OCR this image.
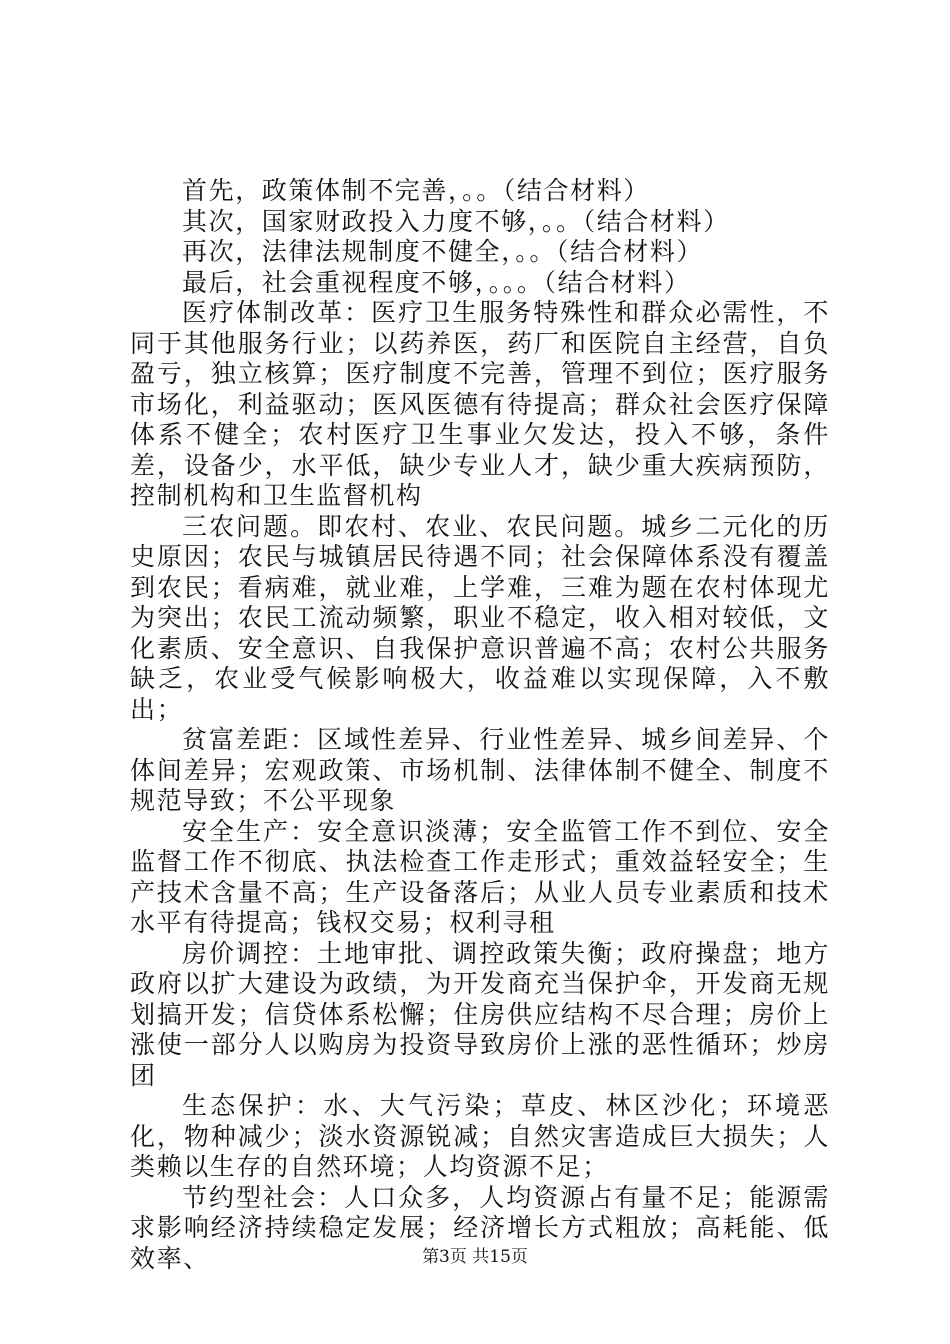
首先，政策体制不完善，。。（结合材料）

其次，国家财政投入力度不够，。。（结合材料）

再次，法律法规制度不健全，。。（结合材料）

最后，社会重视程度不够，。。。（结合材料）

医疗体制改革：医疗卫生服务特殊性和群众必需性，不同于其他服务行业；以药养医，药厂和医院自主经营，自负盈亏，独立核算；医疗制度不完善，管理不到位；医疗服务市场化，利益驱动；医风医德有待提高；群众社会医疗保障体系不健全；农村医疗卫生事业欠发达，投入不够，条件差，设备少，水平低，缺少专业人才，缺少重大疾病预防，控制机构和卫生监督机构

三农问题。即农村、农业、农民问题。城乡二元化的历史原因；农民与城镇居民待遇不同；社会保障体系没有覆盖到农民；看病难，就业难，上学难，三难为题在农村体现尤为突出；农民工流动频繁，职业不稳定，收入相对较低，文化素质、安全意识、自我保护意识普遍不高；农村公共服务缺乏，农业受气候影响极大，收益难以实现保障，入不敷出；

贫富差距：区域性差异、行业性差异、城乡间差异、个体间差异；宏观政策、市场机制、法律体制不健全、制度不规范导致；不公平现象

安全生产：安全意识淡薄；安全监管工作不到位、安全监督工作不彻底、执法检查工作走形式；重效益轻安全；生产技术含量不高；生产设备落后；从业人员专业素质和技术水平有待提高；钱权交易；权利寻租

房价调控：土地审批、调控政策失衡；政府操盘；地方政府以扩大建设为政绩，为开发商充当保护伞，开发商无规划搞开发；信贷体系松懈；住房供应结构不尽合理；房价上涨使一部分人以购房为投资导致房价上涨的恶性循环；炒房团

生态保护：水、大气污染；草皮、林区沙化；环境恶化，物种减少；淡水资源锐减；自然灾害造成巨大损失；人类赖以生存的自然环境；人均资源不足；

节约型社会：人口众多，人均资源占有量不足；能源需求影响经济持续稳定发展；经济增长方式粗放；高耗能、低效率、	第3页 共15页
